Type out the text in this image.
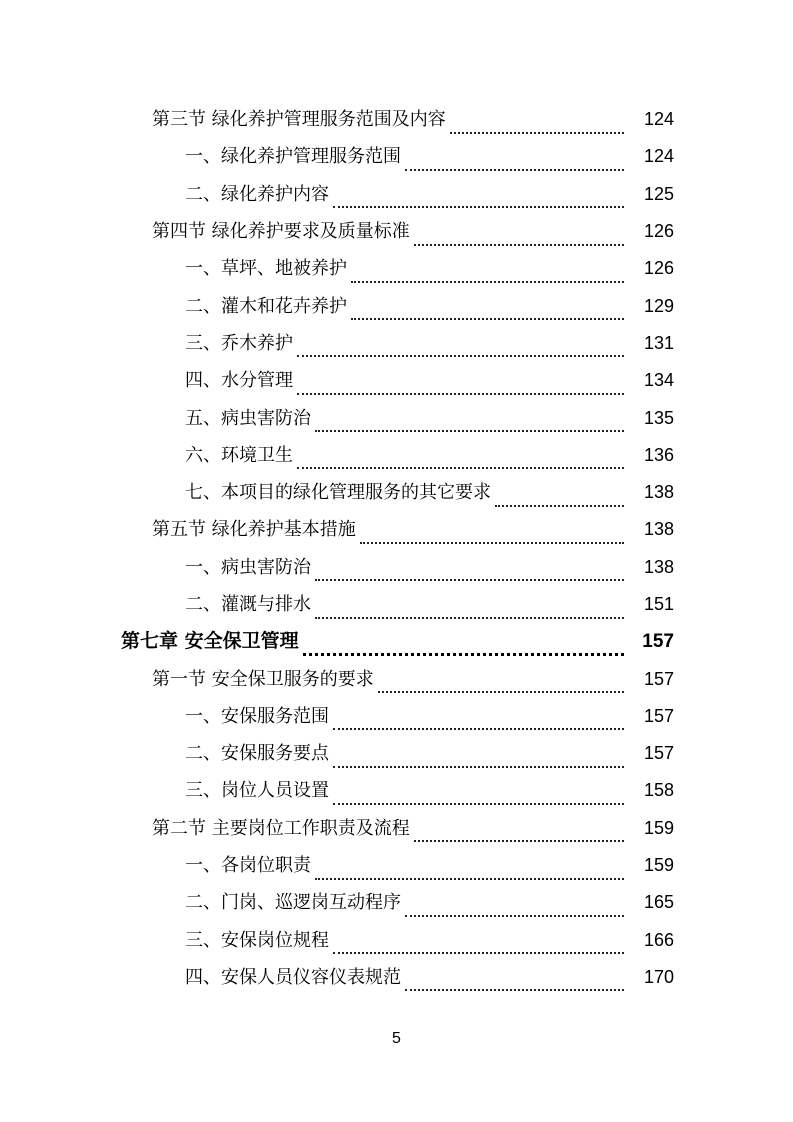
第三节 绿化养护管理服务范围及内容	124
一、绿化养护管理服务范围	124
二、绿化养护内容	125
第四节 绿化养护要求及质量标准	126
一、草坪、地被养护	126
二、灌木和花卉养护	129
三、乔木养护	131
四、水分管理	134
五、病虫害防治	135
六、环境卫生	136
七、本项目的绿化管理服务的其它要求	138
第五节 绿化养护基本措施	138
一、病虫害防治	138
二、灌溉与排水	151
第七章 安全保卫管理	157
第一节 安全保卫服务的要求	157
一、安保服务范围	157
二、安保服务要点	157
三、岗位人员设置	158
第二节 主要岗位工作职责及流程	159
一、各岗位职责	159
二、门岗、巡逻岗互动程序	165
三、安保岗位规程	166
四、安保人员仪容仪表规范	170
5
